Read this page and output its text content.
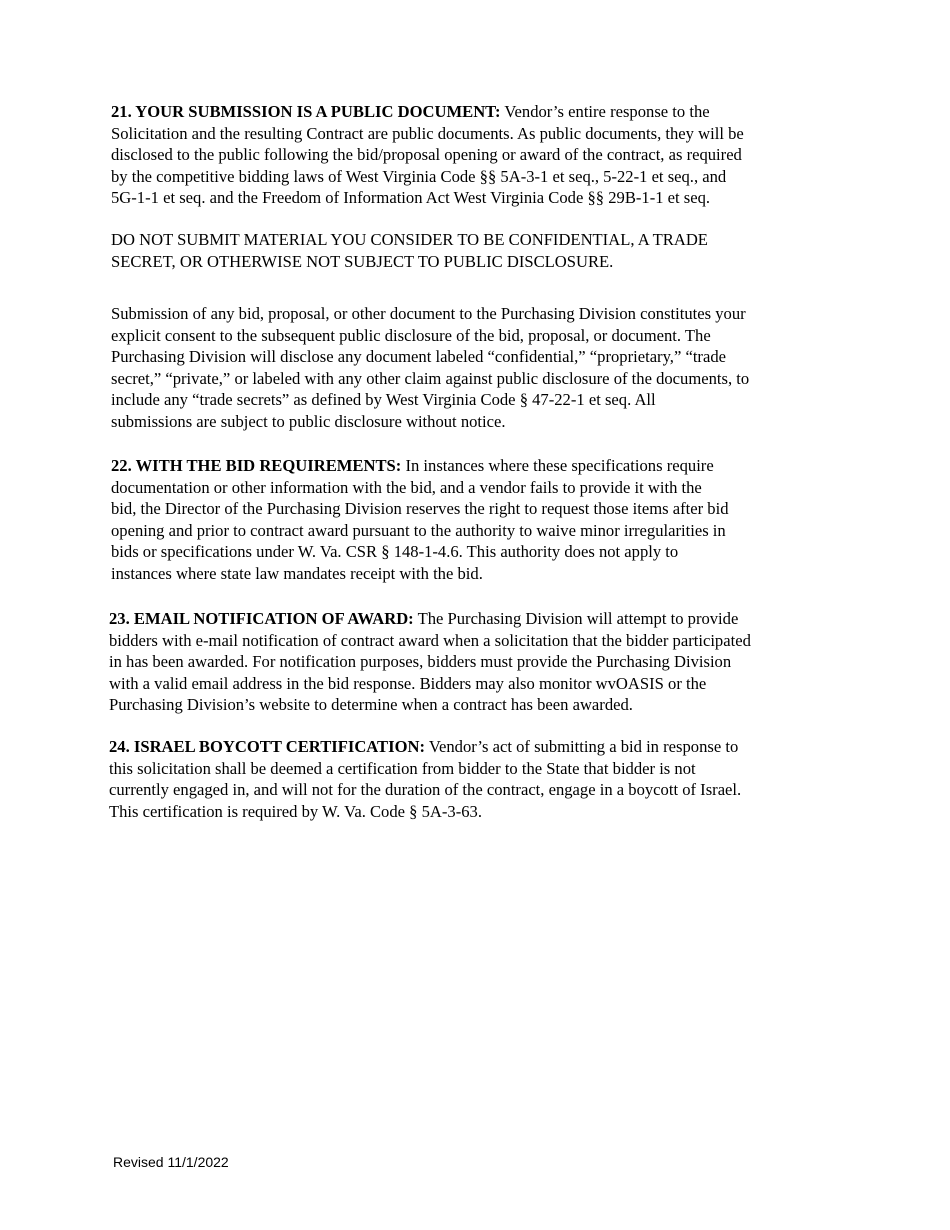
21. YOUR SUBMISSION IS A PUBLIC DOCUMENT: Vendor’s entire response to the
Solicitation and the resulting Contract are public documents. As public documents, they will be
disclosed to the public following the bid/proposal opening or award of the contract, as required
by the competitive bidding laws of West Virginia Code §§ 5A-3-1 et seq., 5-22-1 et seq., and
5G-1-1 et seq. and the Freedom of Information Act West Virginia Code §§ 29B-1-1 et seq.

DO NOT SUBMIT MATERIAL YOU CONSIDER TO BE CONFIDENTIAL, A TRADE
SECRET, OR OTHERWISE NOT SUBJECT TO PUBLIC DISCLOSURE.

Submission of any bid, proposal, or other document to the Purchasing Division constitutes your
explicit consent to the subsequent public disclosure of the bid, proposal, or document. The
Purchasing Division will disclose any document labeled “confidential,” “proprietary,” “trade
secret,” “private,” or labeled with any other claim against public disclosure of the documents, to
include any “trade secrets” as defined by West Virginia Code § 47-22-1 et seq. All
submissions are subject to public disclosure without notice.

22. WITH THE BID REQUIREMENTS: In instances where these specifications require
documentation or other information with the bid, and a vendor fails to provide it with the
bid, the Director of the Purchasing Division reserves the right to request those items after bid
opening and prior to contract award pursuant to the authority to waive minor irregularities in
bids or specifications under W. Va. CSR § 148-1-4.6. This authority does not apply to
instances where state law mandates receipt with the bid.

23. EMAIL NOTIFICATION OF AWARD: The Purchasing Division will attempt to provide
bidders with e-mail notification of contract award when a solicitation that the bidder participated
in has been awarded. For notification purposes, bidders must provide the Purchasing Division
with a valid email address in the bid response. Bidders may also monitor wvOASIS or the
Purchasing Division’s website to determine when a contract has been awarded.

24. ISRAEL BOYCOTT CERTIFICATION: Vendor’s act of submitting a bid in response to
this solicitation shall be deemed a certification from bidder to the State that bidder is not
currently engaged in, and will not for the duration of the contract, engage in a boycott of Israel.
This certification is required by W. Va. Code § 5A-3-63.

Revised 11/1/2022
